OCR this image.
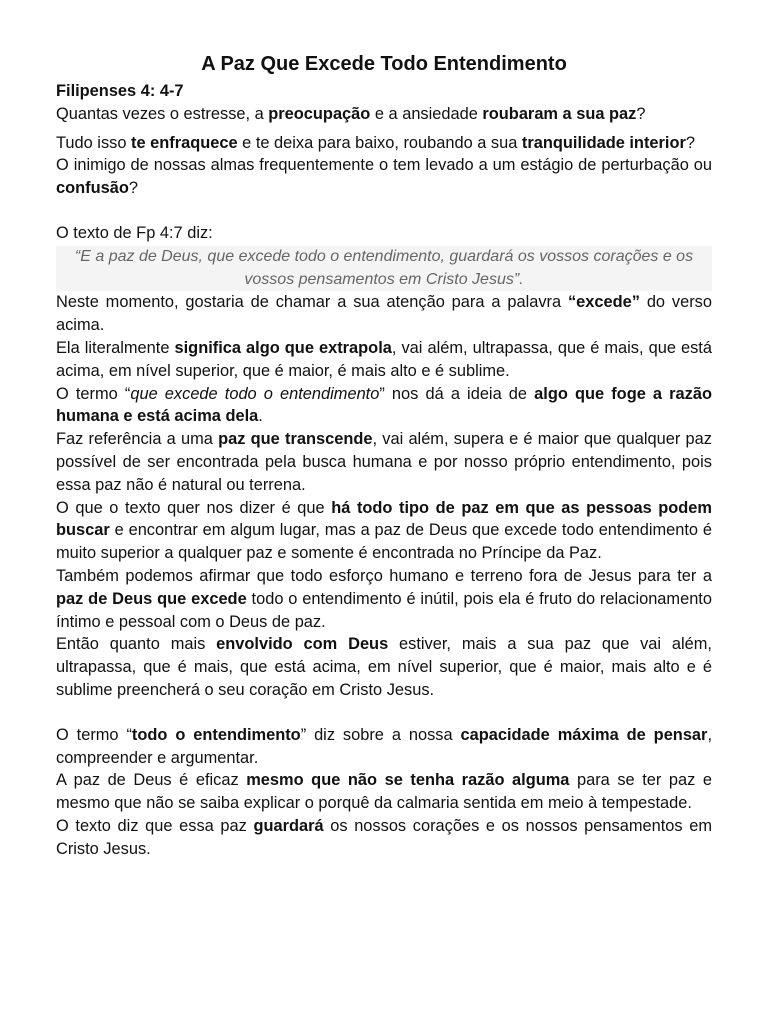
A Paz Que Excede Todo Entendimento

Filipenses 4: 4-7

Quantas vezes o estresse, a preocupação e a ansiedade roubaram a sua paz?

Tudo isso te enfraquece e te deixa para baixo, roubando a sua tranquilidade interior?

O inimigo de nossas almas frequentemente o tem levado a um estágio de perturbação ou confusão?

O texto de Fp 4:7 diz:

“E a paz de Deus, que excede todo o entendimento, guardará os vossos corações e os vossos pensamentos em Cristo Jesus”.

Neste momento, gostaria de chamar a sua atenção para a palavra “excede” do verso acima.

Ela literalmente significa algo que extrapola, vai além, ultrapassa, que é mais, que está acima, em nível superior, que é maior, é mais alto e é sublime.

O termo “que excede todo o entendimento” nos dá a ideia de algo que foge a razão humana e está acima dela.

Faz referência a uma paz que transcende, vai além, supera e é maior que qualquer paz possível de ser encontrada pela busca humana e por nosso próprio entendimento, pois essa paz não é natural ou terrena.

O que o texto quer nos dizer é que há todo tipo de paz em que as pessoas podem buscar e encontrar em algum lugar, mas a paz de Deus que excede todo entendimento é muito superior a qualquer paz e somente é encontrada no Príncipe da Paz.

Também podemos afirmar que todo esforço humano e terreno fora de Jesus para ter a paz de Deus que excede todo o entendimento é inútil, pois ela é fruto do relacionamento íntimo e pessoal com o Deus de paz.

Então quanto mais envolvido com Deus estiver, mais a sua paz que vai além, ultrapassa, que é mais, que está acima, em nível superior, que é maior, mais alto e é sublime preencherá o seu coração em Cristo Jesus.

O termo “todo o entendimento” diz sobre a nossa capacidade máxima de pensar, compreender e argumentar.

A paz de Deus é eficaz mesmo que não se tenha razão alguma para se ter paz e mesmo que não se saiba explicar o porquê da calmaria sentida em meio à tempestade.

O texto diz que essa paz guardará os nossos corações e os nossos pensamentos em Cristo Jesus.
